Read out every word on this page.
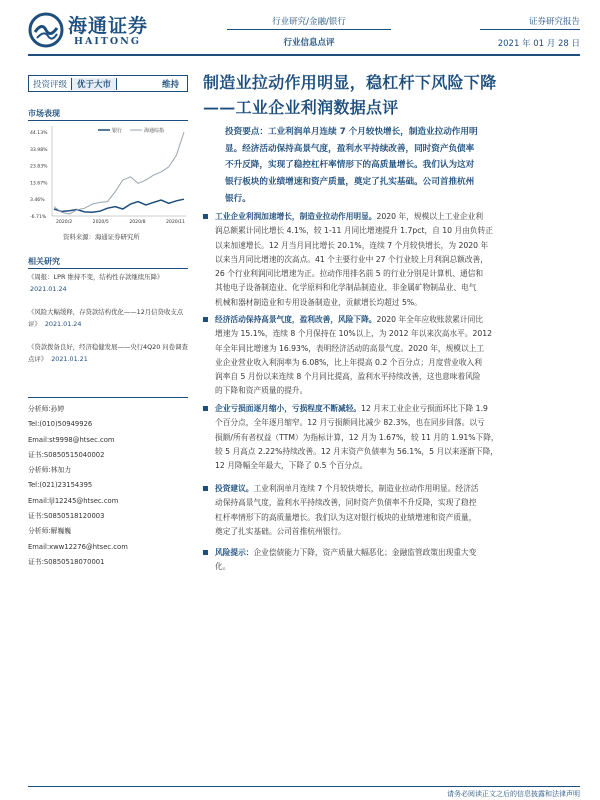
海通证券
HAITONG
行业研究/金融/银行
行业信息点评
证券研究报告
2021 年 01 月 28 日
投资评级	优于大市	维持
市场表现
44.13%
33.98%
23.83%
13.67%
3.46%
-6.71%
银行	海通综指
2020/2	2020/5	2020/8	2020/11
资料来源：海通证券研究所
相关研究
《周报：LPR 维持不变，结构性存款继续压降》 2021.01.24
《风险大幅缓释，存贷款结构优化——12月信贷收支点评》 2021.01.24
《贷款拨备良好，经济稳健发展——央行4Q20 问卷调查点评》 2021.01.21
分析师:孙婷
Tel:(010)50949926
Email:st9998@htsec.com
证书:S0850515040002
分析师:林加力
Tel:(021)23154395
Email:ljl12245@htsec.com
证书:S0850518120003
分析师:解巍巍
Email:xww12276@htsec.com
证书:S0850518070001
制造业拉动作用明显，稳杠杆下风险下降
——工业企业利润数据点评
投资要点：工业利润单月连续 7 个月较快增长，制造业拉动作用明
显。经济活动保持高景气度，盈利水平持续改善，同时资产负债率
不升反降，实现了稳控杠杆率情形下的高质量增长。我们认为这对
银行板块的业绩增速和资产质量，奠定了扎实基础。公司首推杭州
银行。
工业企业利润加速增长，制造业拉动作用明显。2020 年，规模以上工业企业利
润总额累计同比增长 4.1%，较 1-11 月同比增速提升 1.7pct，自 10 月由负转正
以来加速增长。12 月当月同比增长 20.1%，连续 7 个月较快增长，为 2020 年
以来当月同比增速的次高点。41 个主要行业中 27 个行业较上月利润总额改善，
26 个行业利润同比增速为正。拉动作用排名前 5 的行业分别是计算机、通信和
其他电子设备制造业、化学原料和化学制品制造业、非金属矿物制品业、电气
机械和器材制造业和专用设备制造业，贡献增长均超过 5%。
经济活动保持高景气度，盈利改善，风险下降。2020 年全年应收账款累计同比
增速为 15.1%，连续 8 个月保持在 10%以上，为 2012 年以来次高水平。2012
年全年同比增速为 16.93%，表明经济活动的高景气度。2020 年，规模以上工
业企业营业收入利润率为 6.08%，比上年提高 0.2 个百分点；月度营业收入利
润率自 5 月份以来连续 8 个月同比提高，盈利水平持续改善，这也意味着风险
的下降和资产质量的提升。
企业亏损面逐月缩小，亏损程度不断减轻。12 月末工业企业亏损面环比下降 1.9
个百分点，全年逐月缩窄。12 月亏损额同比减少 82.3%，也在同步回落。以亏
损额/所有者权益（TTM）为指标计算，12 月为 1.67%，较 11 月的 1.91%下降，
较 5 月高点 2.22%持续改善。12 月末资产负债率为 56.1%，5 月以来逐渐下降，
12 月降幅全年最大，下降了 0.5 个百分点。
投资建议。工业利润单月连续 7 个月较快增长，制造业拉动作用明显。经济活
动保持高景气度，盈利水平持续改善，同时资产负债率不升反降，实现了稳控
杠杆率情形下的高质量增长。我们认为这对银行板块的业绩增速和资产质量，
奠定了扎实基础。公司首推杭州银行。
风险提示：企业偿债能力下降，资产质量大幅恶化；金融监管政策出现重大变
化。
请务必阅读正文之后的信息披露和法律声明
